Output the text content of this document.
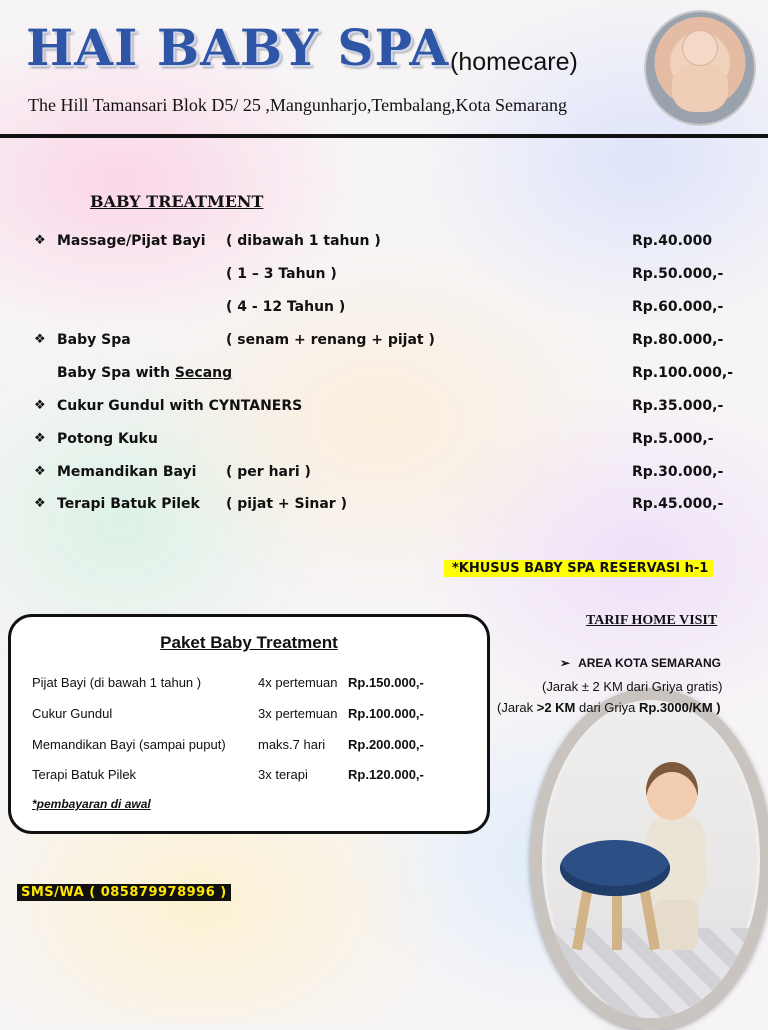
HAI BABY SPA (homecare)
The Hill Tamansari Blok D5/ 25 ,Mangunharjo,Tembalang,Kota Semarang
BABY TREATMENT
❖ Massage/Pijat Bayi ( dibawah 1 tahun )	Rp.40.000
( 1 – 3 Tahun )	Rp.50.000,-
( 4 - 12 Tahun )	Rp.60.000,-
❖ Baby Spa	( senam + renang + pijat )	Rp.80.000,-
Baby Spa with Secang	Rp.100.000,-
❖ Cukur Gundul with CYNTANERS	Rp.35.000,-
❖ Potong Kuku	Rp.5.000,-
❖ Memandikan Bayi ( per hari )	Rp.30.000,-
❖ Terapi Batuk Pilek ( pijat + Sinar )	Rp.45.000,-
*KHUSUS BABY SPA RESERVASI h-1
Paket Baby Treatment
Pijat Bayi (di bawah 1 tahun )	4x pertemuan Rp.150.000,-
Cukur Gundul	3x pertemuan Rp.100.000,-
Memandikan Bayi (sampai puput) maks.7 hari Rp.200.000,-
Terapi Batuk Pilek	3x terapi	Rp.120.000,-
*pembayaran di awal
TARIF HOME VISIT
➢ AREA KOTA SEMARANG
(Jarak ± 2 KM dari Griya gratis)
(Jarak >2 KM dari Griya Rp.3000/KM )
SMS/WA ( 085879978996 )
